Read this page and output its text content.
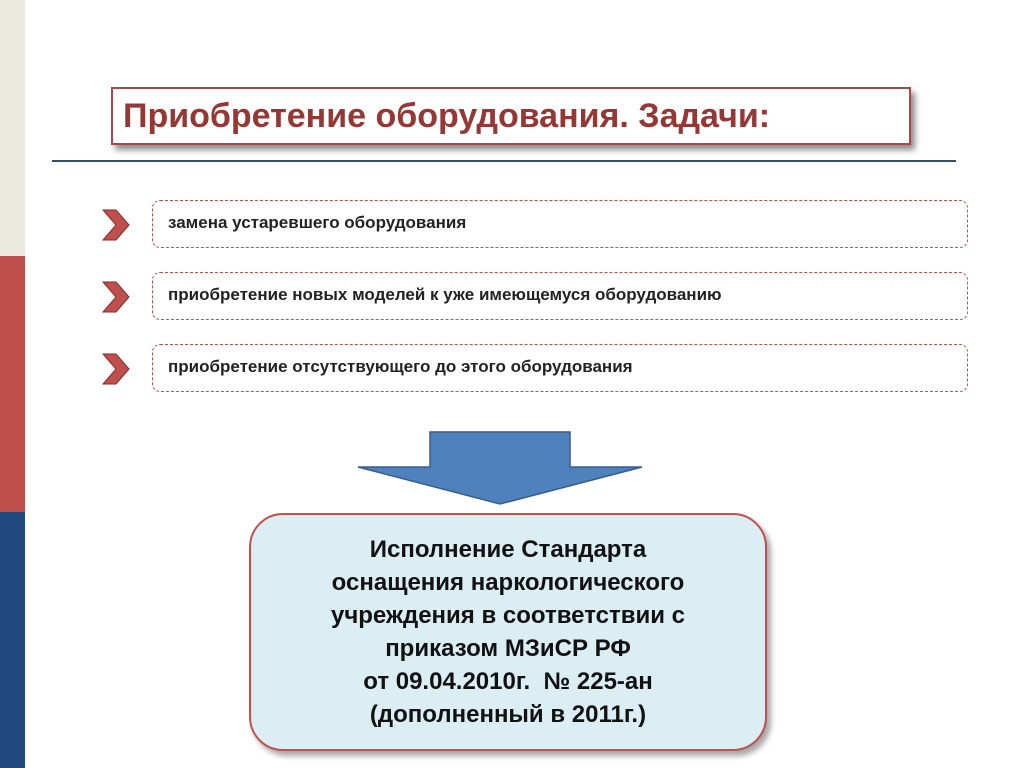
Приобретение оборудования. Задачи:
замена устаревшего оборудования
приобретение новых моделей к уже имеющемуся оборудованию
приобретение отсутствующего до этого оборудования
Исполнение Стандарта
оснащения наркологического
учреждения в соответствии с
приказом МЗиСР РФ
от 09.04.2010г.  № 225-ан
(дополненный в 2011г.)
